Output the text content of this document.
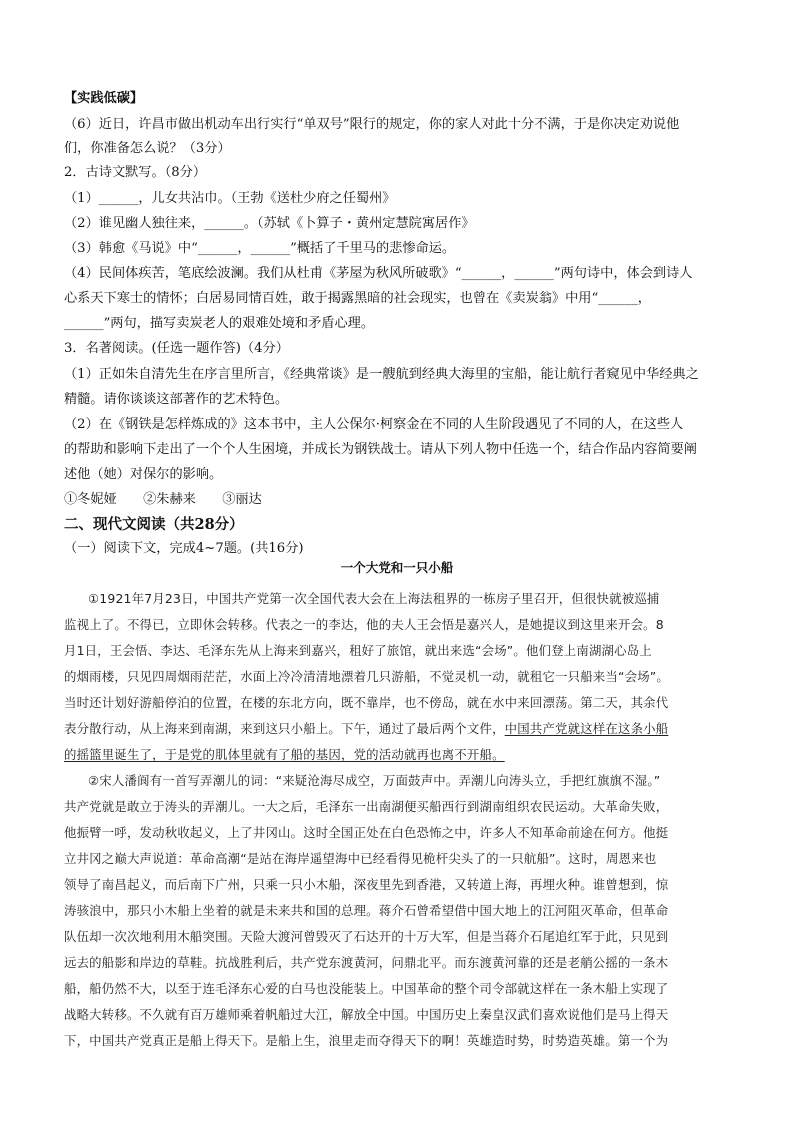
【实践低碳】
（6）近日，许昌市做出机动车出行实行“单双号”限行的规定，你的家人对此十分不满，于是你决定劝说他
们，你准备怎么说？（3分）
2．古诗文默写。（8分）
（1）______，儿女共沾巾。（王勃《送杜少府之任蜀州》
（2）谁见幽人独往来，______。（苏轼《卜算子・黄州定慧院寓居作》
（3）韩愈《马说》中“______，______”概括了千里马的悲惨命运。
（4）民间体疾苦，笔底绘波澜。我们从杜甫《茅屋为秋风所破歌》“______，______”两句诗中，体会到诗人
心系天下寒士的情怀；白居易同情百姓，敢于揭露黑暗的社会现实，也曾在《卖炭翁》中用“______，
______”两句，描写卖炭老人的艰难处境和矛盾心理。
3．名著阅读。(任选一题作答)（4分）
（1）正如朱自清先生在序言里所言，《经典常谈》是一艘航到经典大海里的宝船，能让航行者窥见中华经典之
精髓。请你谈谈这部著作的艺术特色。
（2）在《钢铁是怎样炼成的》这本书中，主人公保尔·柯察金在不同的人生阶段遇见了不同的人，在这些人
的帮助和影响下走出了一个个人生困境，并成长为钢铁战士。请从下列人物中任选一个，结合作品内容简要阐
述他（她）对保尔的影响。
①冬妮娅　　②朱赫来　　③丽达
二、现代文阅读（共28分）
（一）阅读下文，完成4~7题。(共16分)
一个大党和一只小船
①1921年7月23日，中国共产党第一次全国代表大会在上海法租界的一栋房子里召开，但很快就被巡捕
监视上了。不得已，立即休会转移。代表之一的李达，他的夫人王会悟是嘉兴人，是她提议到这里来开会。8
月1日，王会悟、李达、毛泽东先从上海来到嘉兴，租好了旅馆，就出来选“会场”。他们登上南湖湖心岛上
的烟雨楼，只见四周烟雨茫茫，水面上冷冷清清地漂着几只游船，不觉灵机一动，就租它一只船来当“会场”。
当时还计划好游船停泊的位置，在楼的东北方向，既不靠岸，也不傍岛，就在水中来回漂荡。第二天，其余代
表分散行动，从上海来到南湖，来到这只小船上。下午，通过了最后两个文件，中国共产党就这样在这条小船
的摇篮里诞生了，于是党的肌体里就有了船的基因，党的活动就再也离不开船。
②宋人潘阆有一首写弄潮儿的词：“来疑沧海尽成空，万面鼓声中。弄潮儿向涛头立，手把红旗旗不湿。”
共产党就是敢立于涛头的弄潮儿。一大之后，毛泽东一出南湖便买船西行到湖南组织农民运动。大革命失败，
他振臂一呼，发动秋收起义，上了井冈山。这时全国正处在白色恐怖之中，许多人不知革命前途在何方。他挺
立井冈之巅大声说道：革命高潮“是站在海岸遥望海中已经看得见桅杆尖头了的一只航船”。这时，周恩来也
领导了南昌起义，而后南下广州，只乘一只小木船，深夜里先到香港，又转道上海，再埋火种。谁曾想到，惊
涛骇浪中，那只小木船上坐着的就是未来共和国的总理。蒋介石曾希望借中国大地上的江河阻灭革命，但革命
队伍却一次次地利用木船突围。天险大渡河曾毁灭了石达开的十万大军，但是当蒋介石尾追红军于此，只见到
远去的船影和岸边的草鞋。抗战胜利后，共产党东渡黄河，问鼎北平。而东渡黄河靠的还是老艄公摇的一条木
船，船仍然不大，以至于连毛泽东心爱的白马也没能装上。中国革命的整个司令部就这样在一条木船上实现了
战略大转移。不久就有百万雄师乘着帆船过大江，解放全中国。中国历史上秦皇汉武们喜欢说他们是马上得天
下，中国共产党真正是船上得天下。是船上生，浪里走而夺得天下的啊！英雄造时势，时势造英雄。第一个为
